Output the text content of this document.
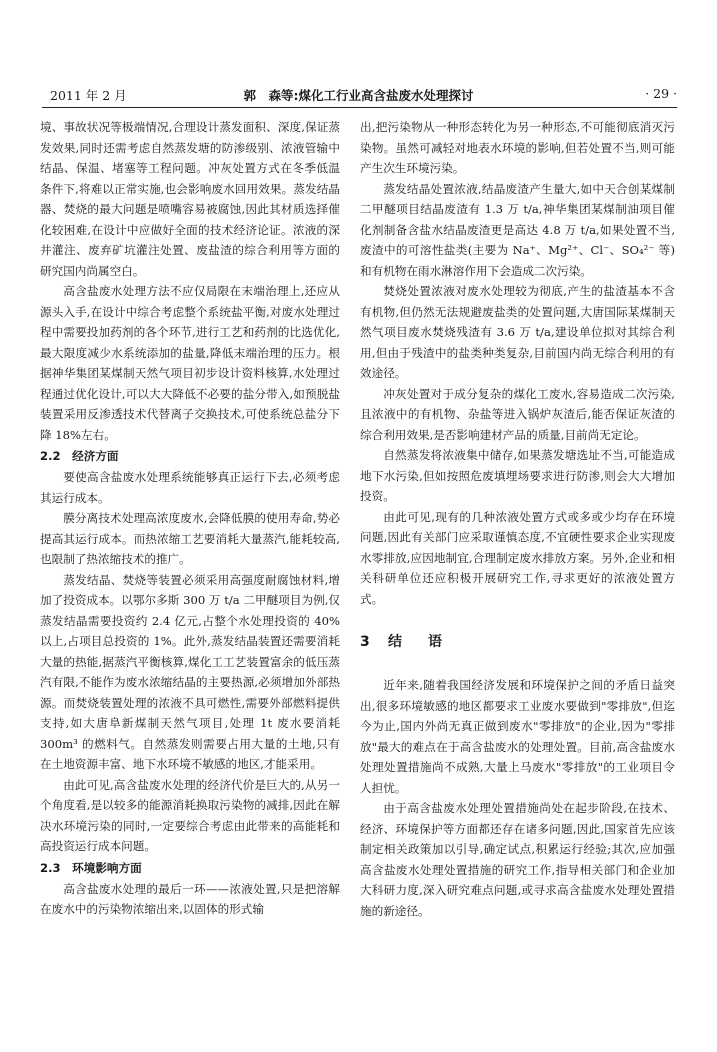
2011 年 2 月	郭　森等:煤化工行业高含盐废水处理探讨	· 29 ·

境、事故状况等极端情况,合理设计蒸发面积、深度,保证蒸发效果,同时还需考虑自然蒸发塘的防渗级别、浓液管输中结晶、保温、堵塞等工程问题。冲灰处置方式在冬季低温条件下,将难以正常实施,也会影响废水回用效果。蒸发结晶器、焚烧的最大问题是喷嘴容易被腐蚀,因此其材质选择催化较困难,在设计中应做好全面的技术经济论证。浓液的深井灌注、废弃矿坑灌注处置、废盐渣的综合利用等方面的研究国内尚属空白。

高含盐废水处理方法不应仅局限在末端治理上,还应从源头入手,在设计中综合考虑整个系统盐平衡,对废水处理过程中需要投加药剂的各个环节,进行工艺和药剂的比选优化,最大限度减少水系统添加的盐量,降低末端治理的压力。根据神华集团某煤制天然气项目初步设计资料核算,水处理过程通过优化设计,可以大大降低不必要的盐分带入,如预脱盐装置采用反渗透技术代替离子交换技术,可使系统总盐分下降 18%左右。

2.2　经济方面

要使高含盐废水处理系统能够真正运行下去,必须考虑其运行成本。

膜分离技术处理高浓度废水,会降低膜的使用寿命,势必提高其运行成本。而热浓缩工艺要消耗大量蒸汽,能耗较高,也限制了热浓缩技术的推广。

蒸发结晶、焚烧等装置必须采用高强度耐腐蚀材料,增加了投资成本。以鄂尔多斯 300 万 t/a 二甲醚项目为例,仅蒸发结晶需要投资约 2.4 亿元,占整个水处理投资的 40%以上,占项目总投资的 1%。此外,蒸发结晶装置还需要消耗大量的热能,据蒸汽平衡核算,煤化工工艺装置富余的低压蒸汽有限,不能作为废水浓缩结晶的主要热源,必须增加外部热源。而焚烧装置处理的浓液不具可燃性,需要外部燃料提供支持,如大唐阜新煤制天然气项目,处理 1t 废水要消耗 300m³ 的燃料气。自然蒸发则需要占用大量的土地,只有在土地资源丰富、地下水环境不敏感的地区,才能采用。

由此可见,高含盐废水处理的经济代价是巨大的,从另一个角度看,是以较多的能源消耗换取污染物的减排,因此在解决水环境污染的同时,一定要综合考虑由此带来的高能耗和高投资运行成本问题。

2.3　环境影响方面

高含盐废水处理的最后一环——浓液处置,只是把溶解在废水中的污染物浓缩出来,以固体的形式输

出,把污染物从一种形态转化为另一种形态,不可能彻底消灭污染物。虽然可减轻对地表水环境的影响,但若处置不当,则可能产生次生环境污染。

蒸发结晶处置浓液,结晶废渣产生量大,如中天合创某煤制二甲醚项目结晶废渣有 1.3 万 t/a,神华集团某煤制油项目催化剂制备含盐水结晶废渣更是高达 4.8 万 t/a,如果处置不当,废渣中的可溶性盐类(主要为 Na⁺、Mg²⁺、Cl⁻、SO₄²⁻ 等)和有机物在雨水淋溶作用下会造成二次污染。

焚烧处置浓液对废水处理较为彻底,产生的盐渣基本不含有机物,但仍然无法规避废盐类的处置问题,大唐国际某煤制天然气项目废水焚烧残渣有 3.6 万 t/a,建设单位拟对其综合利用,但由于残渣中的盐类种类复杂,目前国内尚无综合利用的有效途径。

冲灰处置对于成分复杂的煤化工废水,容易造成二次污染,且浓液中的有机物、杂盐等进入锅炉灰渣后,能否保证灰渣的综合利用效果,是否影响建材产品的质量,目前尚无定论。

自然蒸发将浓液集中储存,如果蒸发塘选址不当,可能造成地下水污染,但如按照危废填埋场要求进行防渗,则会大大增加投资。

由此可见,现有的几种浓液处置方式或多或少均存在环境问题,因此有关部门应采取谨慎态度,不宜硬性要求企业实现废水零排放,应因地制宜,合理制定废水排放方案。另外,企业和相关科研单位还应积极开展研究工作,寻求更好的浓液处置方式。

3 结语

近年来,随着我国经济发展和环境保护之间的矛盾日益突出,很多环境敏感的地区都要求工业废水要做到"零排放",但迄今为止,国内外尚无真正做到废水"零排放"的企业,因为"零排放"最大的难点在于高含盐废水的处理处置。目前,高含盐废水处理处置措施尚不成熟,大量上马废水"零排放"的工业项目令人担忧。

由于高含盐废水处理处置措施尚处在起步阶段,在技术、经济、环境保护等方面都还存在诸多问题,因此,国家首先应该制定相关政策加以引导,确定试点,积累运行经验;其次,应加强高含盐废水处理处置措施的研究工作,指导相关部门和企业加大科研力度,深入研究难点问题,或寻求高含盐废水处理处置措施的新途径。
